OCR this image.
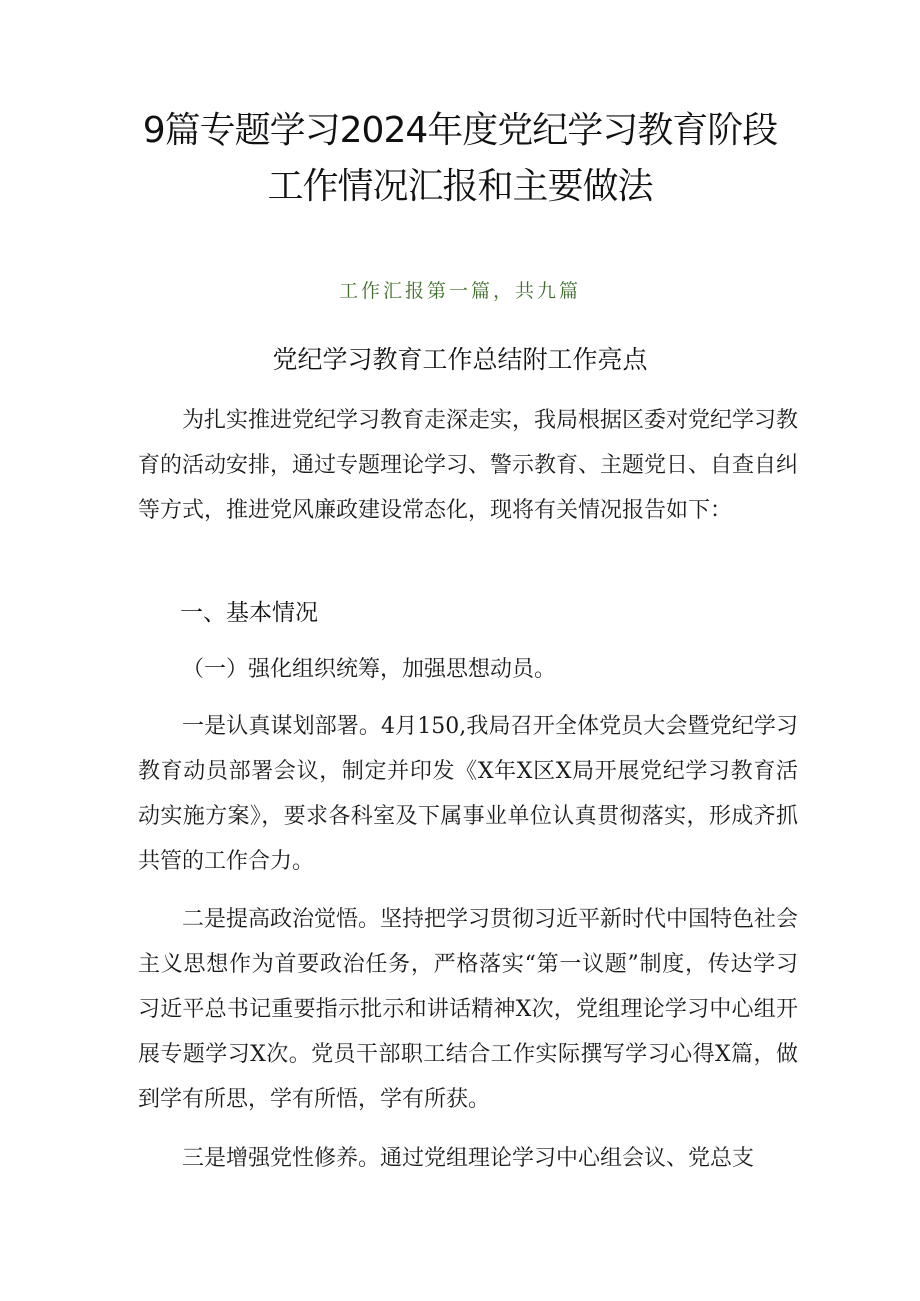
9篇专题学习2024年度党纪学习教育阶段
工作情况汇报和主要做法
工作汇报第一篇，共九篇
党纪学习教育工作总结附工作亮点
为扎实推进党纪学习教育走深走实，我局根据区委对党纪学习教育的活动安排，通过专题理论学习、警示教育、主题党日、自查自纠等方式，推进党风廉政建设常态化，现将有关情况报告如下：
一、基本情况
（一）强化组织统筹，加强思想动员。
一是认真谋划部署。4月150,我局召开全体党员大会暨党纪学习教育动员部署会议，制定并印发《X年X区X局开展党纪学习教育活动实施方案》，要求各科室及下属事业单位认真贯彻落实，形成齐抓共管的工作合力。
二是提高政治觉悟。坚持把学习贯彻习近平新时代中国特色社会主义思想作为首要政治任务，严格落实“第一议题”制度，传达学习习近平总书记重要指示批示和讲话精神X次，党组理论学习中心组开展专题学习X次。党员干部职工结合工作实际撰写学习心得X篇，做到学有所思，学有所悟，学有所获。
三是增强党性修养。通过党组理论学习中心组会议、党总支
